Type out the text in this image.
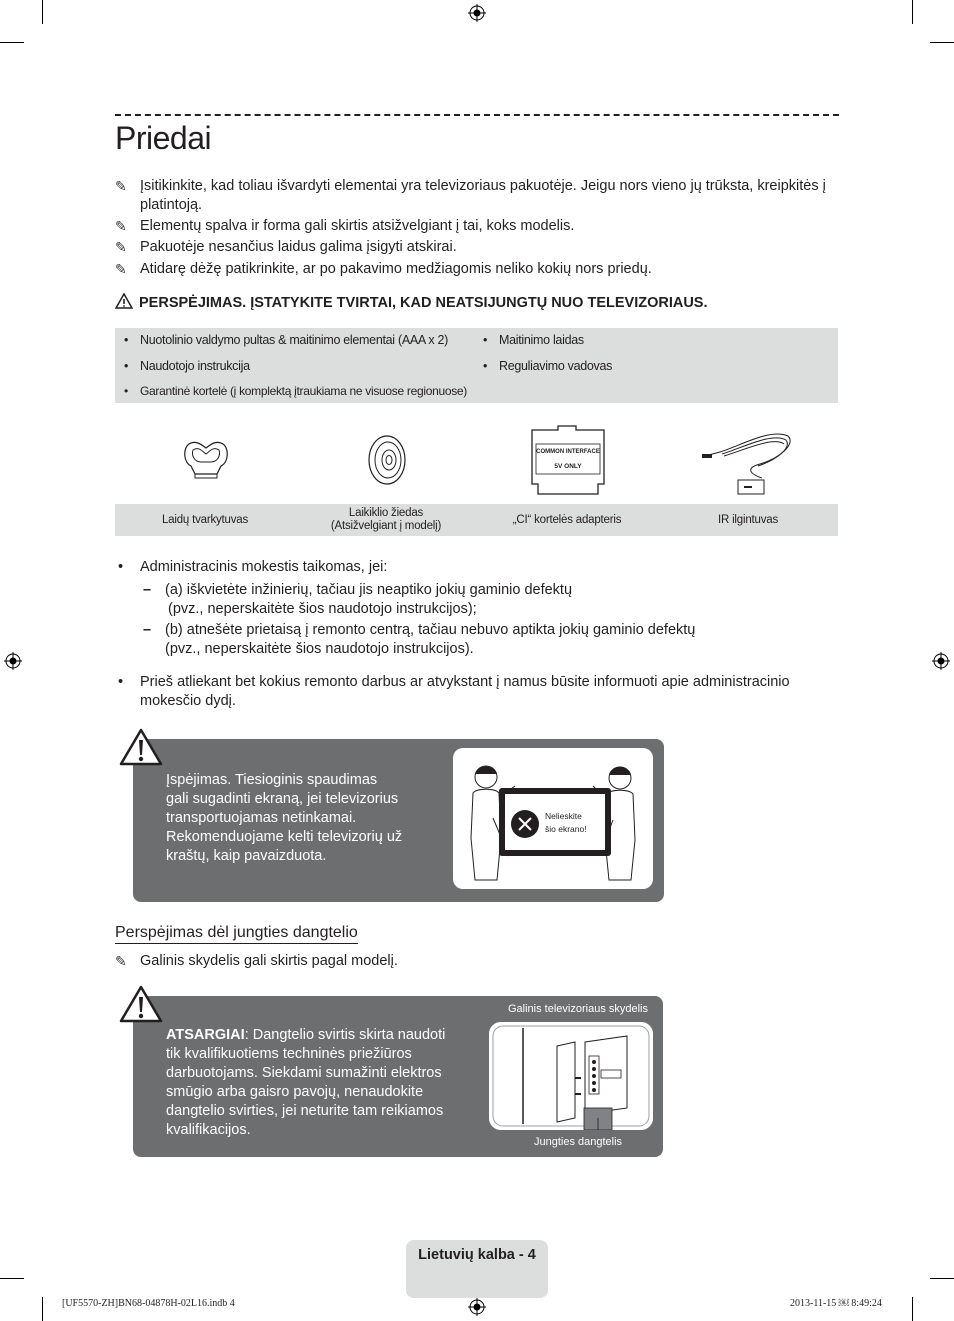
Priedai
✎ Įsitikinkite, kad toliau išvardyti elementai yra televizoriaus pakuotėje. Jeigu nors vieno jų trūksta, kreipkitės į platintoją.
✎ Elementų spalva ir forma gali skirtis atsižvelgiant į tai, koks modelis.
✎ Pakuotėje nesančius laidus galima įsigyti atskirai.
✎ Atidarę dėžę patikrinkite, ar po pakavimo medžiagomis neliko kokių nors priedų.
PERSPĖJIMAS. ĮSTATYKITE TVIRTAI, KAD NEATSIJUNGTŲ NUO TELEVIZORIAUS.
• Nuotolinio valdymo pultas & maitinimo elementai (AAA x 2)
• Naudotojo instrukcija
• Garantinė kortelė (į komplektą įtraukiama ne visuose regionuose)
• Maitinimo laidas
• Reguliavimo vadovas
COMMON INTERFACE
5V ONLY
Laidų tvarkytuvas
Laikiklio žiedas
(Atsižvelgiant į modelį)
„CI“ kortelės adapteris	IR ilgintuvas
• Administracinis mokestis taikomas, jei:
– (a) iškvietėte inžinierių, tačiau jis neaptiko jokių gaminio defektų
(pvz., neperskaitėte šios naudotojo instrukcijos);
– (b) atnešėte prietaisą į remonto centrą, tačiau nebuvo aptikta jokių gaminio defektų
(pvz., neperskaitėte šios naudotojo instrukcijos).
• Prieš atliekant bet kokius remonto darbus ar atvykstant į namus būsite informuoti apie administracinio
mokesčio dydį.
Įspėjimas. Tiesioginis spaudimas
gali sugadinti ekraną, jei televizorius
transportuojamas netinkamai.
Rekomenduojame kelti televizorių už
kraštų, kaip pavaizduota.
Nelieskite
šio ekrano!
Perspėjimas dėl jungties dangtelio
✎ Galinis skydelis gali skirtis pagal modelį.
ATSARGIAI: Dangtelio svirtis skirta naudoti
tik kvalifikuotiems techninės priežiūros
darbuotojams. Siekdami sumažinti elektros
smūgio arba gaisro pavojų, nenaudokite
dangtelio svirties, jei neturite tam reikiamos
kvalifikacijos.
Galinis televizoriaus skydelis
Jungties dangtelis
Lietuvių kalba - 4
[UF5570-ZH]BN68-04878H-02L16.indb 4	2013-11-15 ￼ 8:49:24
